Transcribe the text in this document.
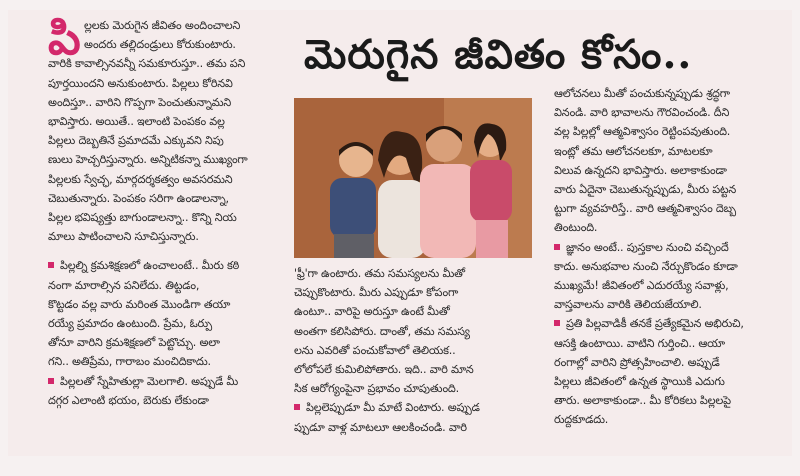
మెరుగైన జీవితం కోసం..
పి ల్లలకు మెరుగైన జీవితం అందించాలని

అందరు తల్లిదండ్రులు కోరుకుంటారు.

వారికి కావాల్సినవన్నీ సమకూరుస్తూ.. తమ పని

పూర్తయిందని అనుకుంటారు. పిల్లలు కోరినవి

అందిస్తూ.. వారిని గొప్పగా పెంచుతున్నామని

భావిస్తారు. అయితే.. ఇలాంటి పెంపకం వల్ల

పిల్లలు దెబ్బతినే ప్రమాదమే ఎక్కువని నిపు

ణులు హెచ్చరిస్తున్నారు. అన్నిటికన్నా ముఖ్యంగా

పిల్లలకు స్వేచ్ఛ, మార్గదర్శకత్వం అవసరమని

చెబుతున్నారు. పెంపకం సరిగా ఉండాలన్నా,

పిల్లల భవిష్యత్తు బాగుండాలన్నా.. కొన్ని నియ

మాలు పాటించాలని సూచిస్తున్నారు.

పిల్లల్ని క్రమశిక్షణలో ఉంచాలంటే.. మీరు కఠి

నంగా మారాల్సిన పనిలేదు. తిట్టడం,

కొట్టడం వల్ల వారు మరింత మొండిగా తయా

రయ్యే ప్రమాదం ఉంటుంది. ప్రేమ, ఓర్పు

తోనూ వారిని క్రమశిక్షణలో పెట్టొచ్చు. అలా

గని.. అతిప్రేమ, గారాబం మంచిదికాదు.

పిల్లలతో స్నేహితుల్లా మెలగాలి. అప్పుడే మీ

దగ్గర ఎలాంటి భయం, బెరుకు లేకుండా

'ఫ్రీ'గా ఉంటారు. తమ సమస్యలను మీతో

చెప్పుకొంటారు. మీరు ఎప్పుడూ కోపంగా

ఉంటూ.. వారిపై అరుస్తూ ఉంటే మీతో

అంతగా కలిసిపోరు. దాంతో, తమ సమస్య

లను ఎవరితో పంచుకోవాలో తెలియక..

లోలోపలే కుమిలిపోతారు. ఇది.. వారి మాన

సిక ఆరోగ్యంపైనా ప్రభావం చూపుతుంది.

పిల్లలెప్పుడూ మీ మాటే వింటారు. అప్పుడ

ప్పుడూ వాళ్ల మాటలూ ఆలకించండి. వారి

ఆలోచనలు మీతో పంచుకున్నప్పుడు శ్రద్ధగా

వినండి. వారి భావాలను గౌరవించండి. దీని

వల్ల పిల్లల్లో ఆత్మవిశ్వాసం రెట్టింపవుతుంది.

ఇంట్లో తమ ఆలోచనలకూ, మాటలకూ

విలువ ఉన్నదని భావిస్తారు. అలాకాకుండా

వారు ఏదైనా చెబుతున్నప్పుడు, మీరు పట్టన

ట్టుగా వ్యవహరిస్తే.. వారి ఆత్మవిశ్వాసం దెబ్బ

తింటుంది.

జ్ఞానం అంటే.. పుస్తకాల నుంచి వచ్చిందే

కాదు. అనుభవాల నుంచి నేర్చుకొండం కూడా

ముఖ్యమే! జీవితంలో ఎదురయ్యే సవాళ్లు,

వాస్తవాలను వారికి తెలియజేయాలి.

ప్రతి పిల్లవాడికీ తనకే ప్రత్యేకమైన అభిరుచి,

ఆసక్తి ఉంటాయి. వాటిని గుర్తించి.. ఆయా

రంగాల్లో వారిని ప్రోత్సహించాలి. అప్పుడే

పిల్లలు జీవితంలో ఉన్నత స్థాయికి ఎదుగు

తారు. అలాకాకుండా.. మీ కోరికలు పిల్లలపై

రుద్దకూడదు.
